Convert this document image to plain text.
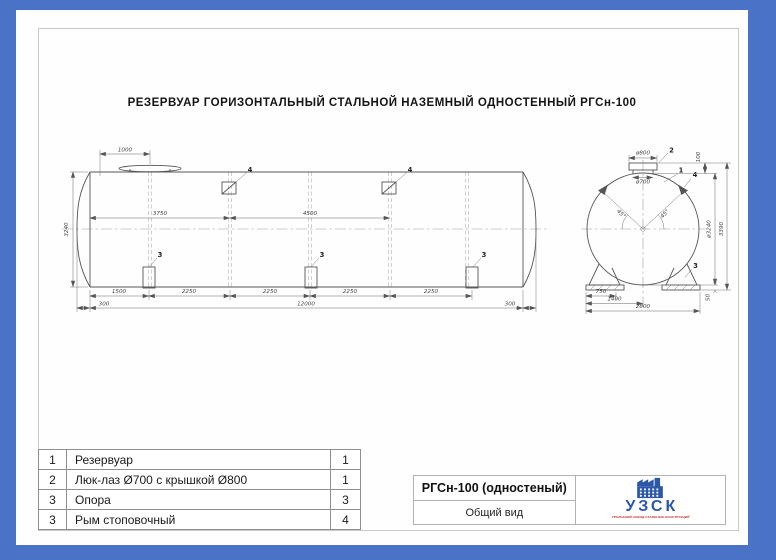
РЕЗЕРВУАР ГОРИЗОНТАЛЬНЫЙ СТАЛЬНОЙ НАЗЕМНЫЙ ОДНОСТЕННЫЙ РГСн-100
4	4
3	3	3
1000
3750	4500
3240
1500	2250	2250	2250	2250
300	12000	300
45°	45°
ø800
ø700
2
1
4
3
750
1400
2800
100
ø3240 3390
50
1	Резервуар	1
2	Люк-лаз Ø700 с крышкой Ø800	1
3	Опора	3
3	Рым стоповочный	4
РГСн-100 (одностеный)
Общий вид	УЗСК
УРАЛЬСКИЙ ЗАВОД СТАЛЬНЫХ КОНСТРУКЦИЙ
